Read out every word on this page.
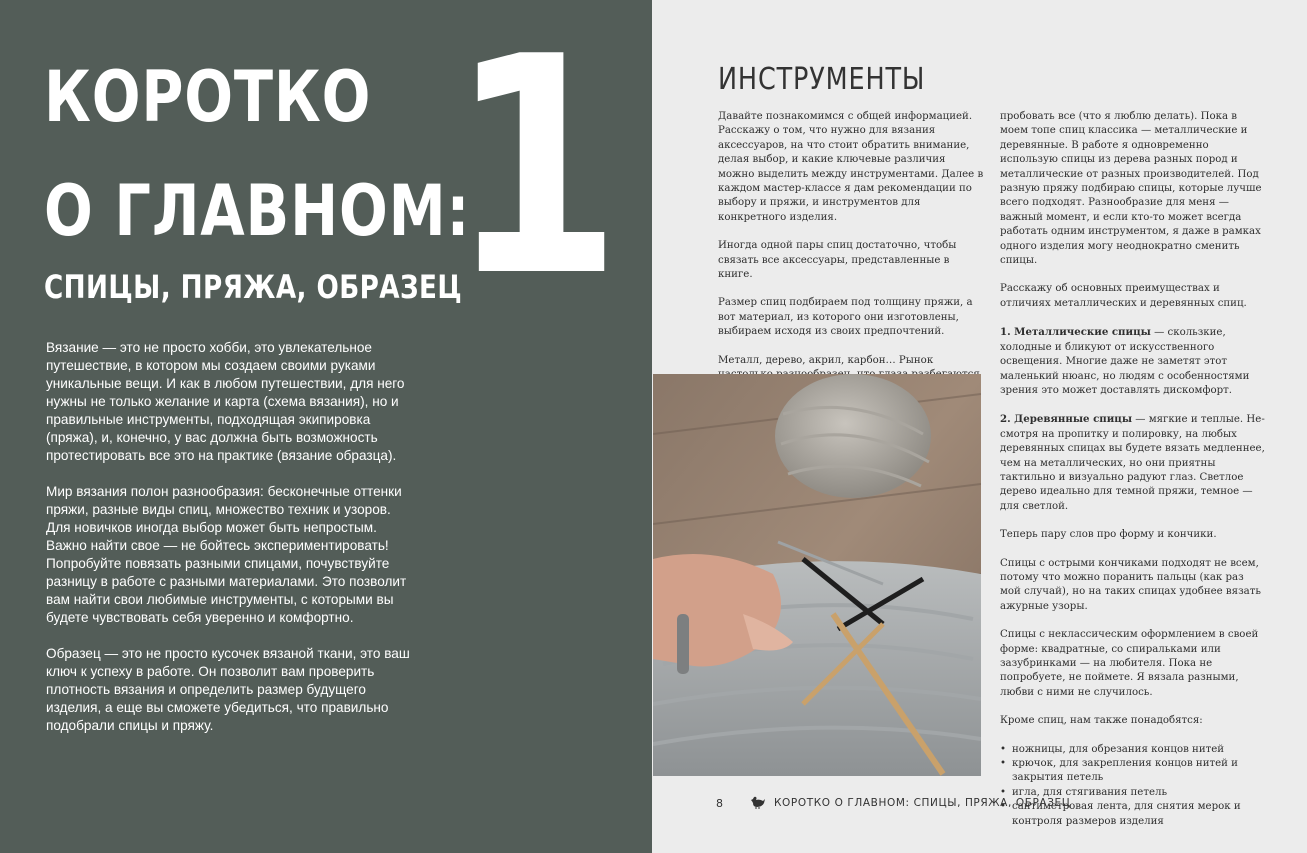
КОРОТКО
О ГЛАВНОМ:
СПИЦЫ, ПРЯЖА, ОБРАЗЕЦ
1

Вязание — это не просто хобби, это увлекательное путешествие, в котором мы создаем своими руками уникальные вещи. И как в любом путешествии, для него нужны не только желание и карта (схема вязания), но и правильные инструменты, подходящая экипировка (пряжа), и, конечно, у вас должна быть возможность протестировать все это на практике (вязание образца).

Мир вязания полон разнообразия: бесконечные оттенки пряжи, разные виды спиц, множество техник и узоров. Для новичков иногда выбор может быть непростым. Важно найти свое — не бойтесь экспериментировать! Попробуйте повязать разными спицами, почувствуйте разницу в работе с разными материалами. Это позволит вам найти свои любимые инструменты, с которыми вы будете чувствовать себя уверенно и комфортно.

Образец — это не просто кусочек вязаной ткани, это ваш ключ к успеху в работе. Он позволит вам проверить плотность вязания и определить размер будущего изделия, а еще вы сможете убедиться, что правильно подобрали спицы и пряжу.

ИНСТРУМЕНТЫ

Давайте познакомимся с общей информацией. Расскажу о том, что нужно для вязания аксессуаров, на что стоит обратить внимание, делая выбор, и какие ключевые различия можно выделить между инструментами. Далее в каждом мастер-классе я дам рекомендации по выбору и пряжи, и инструментов для конкретного изделия.

Иногда одной пары спиц достаточно, чтобы связать все аксессуары, представленные в книге.

Размер спиц подбираем под толщину пряжи, а вот материал, из которого они изготовлены, выбираем исходя из своих предпочтений.

Металл, дерево, акрил, карбон… Рынок

пробовать все (что я люблю делать). Пока в моем топе спиц классика — металлические и деревянные. В работе я одновременно использую спицы из дерева разных пород и металлические от разных производителей. Под разную пряжу подбираю спицы, которые лучше всего подходят. Разнообразие для меня — важный момент, и если кто-то может всегда работать одним инструментом, я даже в рамках одного изделия могу неоднократно сменить спицы.

Расскажу об основных преимуществах и отличиях металлических и деревянных спиц.

1. Металлические спицы — скользкие, холодные и бликуют от искусственного освещения. Многие даже не заметят этот маленький нюанс, но людям с особенностями зрения это может доставлять дискомфорт.

2. Деревянные спицы — мягкие и теплые. Несмотря на пропитку и полировку, на любых деревянных спицах вы будете вязать медленнее, чем на металлических, но они приятны тактильно и визуально радуют глаз. Светлое дерево идеально для темной пряжи, темное — для светлой.

Теперь пару слов про форму и кончики.

Спицы с острыми кончиками подходят не всем, потому что можно поранить пальцы (как раз мой случай), но на таких спицах удобнее вязать ажурные узоры.

Спицы с неклассическим оформлением в своей форме: квадратные, со спиральками или зазубринками — на любителя. Пока не попробуете, не поймете. Я вязала разными, любви с ними не случилось.

Кроме спиц, нам также понадобятся:

• ножницы, для обрезания концов нитей
• крючок, для закрепления концов нитей и закрытия петель
• игла, для стягивания петель
• сантиметровая лента, для снятия мерок и контроля размеров изделия
8	КОРОТКО О ГЛАВНОМ: СПИЦЫ, ПРЯЖА, ОБРАЗЕЦ
